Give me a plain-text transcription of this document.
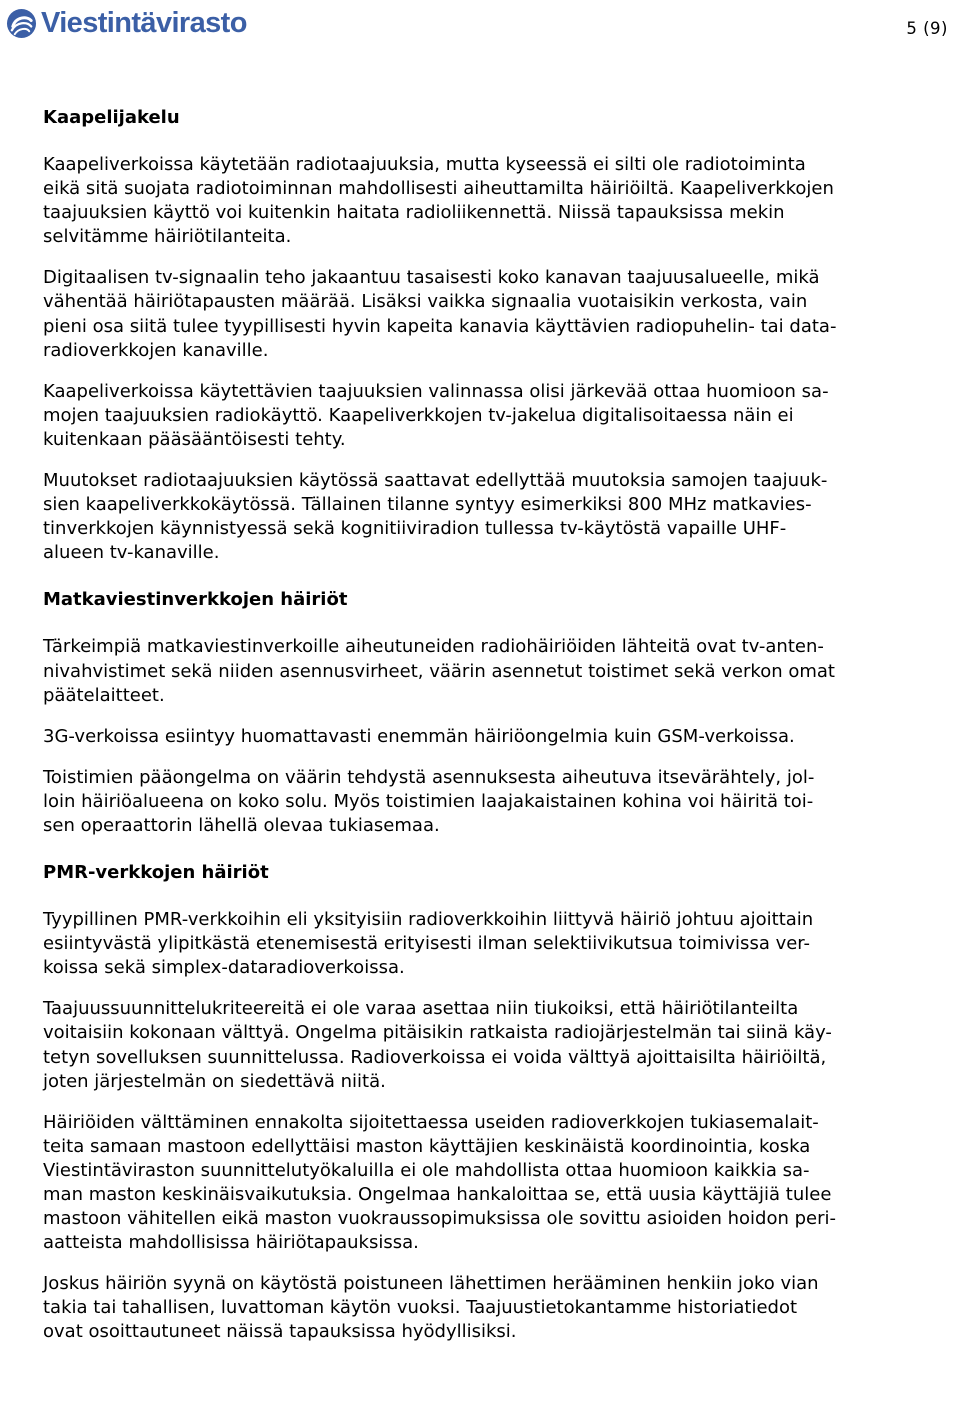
Viestintävirasto	5 (9)
Kaapelijakelu

Kaapeliverkoissa käytetään radiotaajuuksia, mutta kyseessä ei silti ole radiotoiminta
eikä sitä suojata radiotoiminnan mahdollisesti aiheuttamilta häiriöiltä. Kaapeliverkkojen
taajuuksien käyttö voi kuitenkin haitata radioliikennettä. Niissä tapauksissa mekin
selvitämme häiriötilanteita.

Digitaalisen tv-signaalin teho jakaantuu tasaisesti koko kanavan taajuusalueelle, mikä
vähentää häiriötapausten määrää. Lisäksi vaikka signaalia vuotaisikin verkosta, vain
pieni osa siitä tulee tyypillisesti hyvin kapeita kanavia käyttävien radiopuhelin- tai data-
radioverkkojen kanaville.

Kaapeliverkoissa käytettävien taajuuksien valinnassa olisi järkevää ottaa huomioon sa-
mojen taajuuksien radiokäyttö. Kaapeliverkkojen tv-jakelua digitalisoitaessa näin ei
kuitenkaan pääsääntöisesti tehty.

Muutokset radiotaajuuksien käytössä saattavat edellyttää muutoksia samojen taajuuk-
sien kaapeliverkkokäytössä. Tällainen tilanne syntyy esimerkiksi 800 MHz matkavies-
tinverkkojen käynnistyessä sekä kognitiiviradion tullessa tv-käytöstä vapaille UHF-
alueen tv-kanaville.

Matkaviestinverkkojen häiriöt

Tärkeimpiä matkaviestinverkoille aiheutuneiden radiohäiriöiden lähteitä ovat tv-anten-
nivahvistimet sekä niiden asennusvirheet, väärin asennetut toistimet sekä verkon omat
päätelaitteet.

3G-verkoissa esiintyy huomattavasti enemmän häiriöongelmia kuin GSM-verkoissa.

Toistimien pääongelma on väärin tehdystä asennuksesta aiheutuva itsevärähtely, jol-
loin häiriöalueena on koko solu. Myös toistimien laajakaistainen kohina voi häiritä toi-
sen operaattorin lähellä olevaa tukiasemaa.

PMR-verkkojen häiriöt

Tyypillinen PMR-verkkoihin eli yksityisiin radioverkkoihin liittyvä häiriö johtuu ajoittain
esiintyvästä ylipitkästä etenemisestä erityisesti ilman selektiivikutsua toimivissa ver-
koissa sekä simplex-dataradioverkoissa.

Taajuussuunnittelukriteereitä ei ole varaa asettaa niin tiukoiksi, että häiriötilanteilta
voitaisiin kokonaan välttyä. Ongelma pitäisikin ratkaista radiojärjestelmän tai siinä käy-
tetyn sovelluksen suunnittelussa. Radioverkoissa ei voida välttyä ajoittaisilta häiriöiltä,
joten järjestelmän on siedettävä niitä.

Häiriöiden välttäminen ennakolta sijoitettaessa useiden radioverkkojen tukiasemalait-
teita samaan mastoon edellyttäisi maston käyttäjien keskinäistä koordinointia, koska
Viestintäviraston suunnittelutyökaluilla ei ole mahdollista ottaa huomioon kaikkia sa-
man maston keskinäisvaikutuksia. Ongelmaa hankaloittaa se, että uusia käyttäjiä tulee
mastoon vähitellen eikä maston vuokraussopimuksissa ole sovittu asioiden hoidon peri-
aatteista mahdollisissa häiriötapauksissa.

Joskus häiriön syynä on käytöstä poistuneen lähettimen herääminen henkiin joko vian
takia tai tahallisen, luvattoman käytön vuoksi. Taajuustietokantamme historiatiedot
ovat osoittautuneet näissä tapauksissa hyödyllisiksi.
